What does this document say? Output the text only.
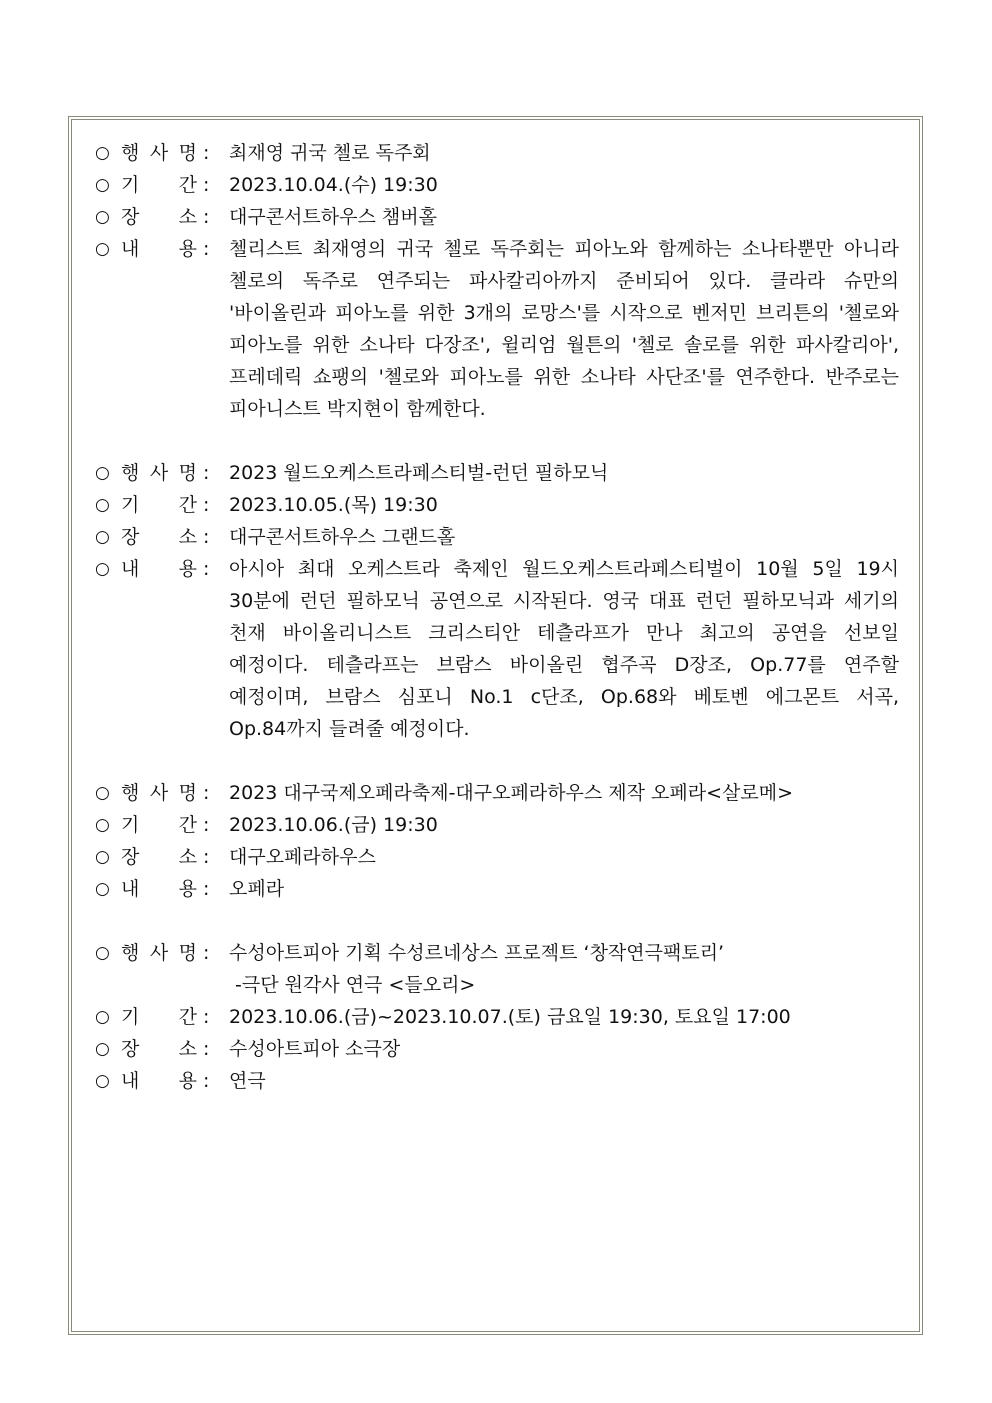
○ 행 사 명 :	최재영 귀국 첼로 독주회
○ 기 간 :	2023.10.04.(수) 19:30
○ 장 소 :	대구콘서트하우스 챔버홀
○ 내 용 :	첼리스트 최재영의 귀국 첼로 독주회는 피아노와 함께하는 소나타뿐만 아니라 첼로의 독주로 연주되는 파사칼리아까지 준비되어 있다. 클라라 슈만의 '바이올린과 피아노를 위한 3개의 로망스'를 시작으로 벤저민 브리튼의 '첼로와 피아노를 위한 소나타 다장조', 윌리엄 월튼의 '첼로 솔로를 위한 파사칼리아', 프레데릭 쇼팽의 '첼로와 피아노를 위한 소나타 사단조'를 연주한다. 반주로는 피아니스트 박지현이 함께한다.
○ 행 사 명 :	2023 월드오케스트라페스티벌-런던 필하모닉
○ 기 간 :	2023.10.05.(목) 19:30
○ 장 소 :	대구콘서트하우스 그랜드홀
○ 내 용 :	아시아 최대 오케스트라 축제인 월드오케스트라페스티벌이 10월 5일 19시 30분에 런던 필하모닉 공연으로 시작된다. 영국 대표 런던 필하모닉과 세기의 천재 바이올리니스트 크리스티안 테츨라프가 만나 최고의 공연을 선보일 예정이다. 테츨라프는 브람스 바이올린 협주곡 D장조, Op.77를 연주할 예정이며, 브람스 심포니 No.1 c단조, Op.68와 베토벤 에그몬트 서곡, Op.84까지 들려줄 예정이다.
○ 행 사 명 :	2023 대구국제오페라축제-대구오페라하우스 제작 오페라<살로메>
○ 기 간 :	2023.10.06.(금) 19:30
○ 장 소 :	대구오페라하우스
○ 내 용 :	오페라
○ 행 사 명 :	수성아트피아 기획 수성르네상스 프로젝트 ‘창작연극팩토리’
-극단 원각사 연극 <들오리>
○ 기 간 :	2023.10.06.(금)~2023.10.07.(토) 금요일 19:30, 토요일 17:00
○ 장 소 :	수성아트피아 소극장
○ 내 용 :	연극
